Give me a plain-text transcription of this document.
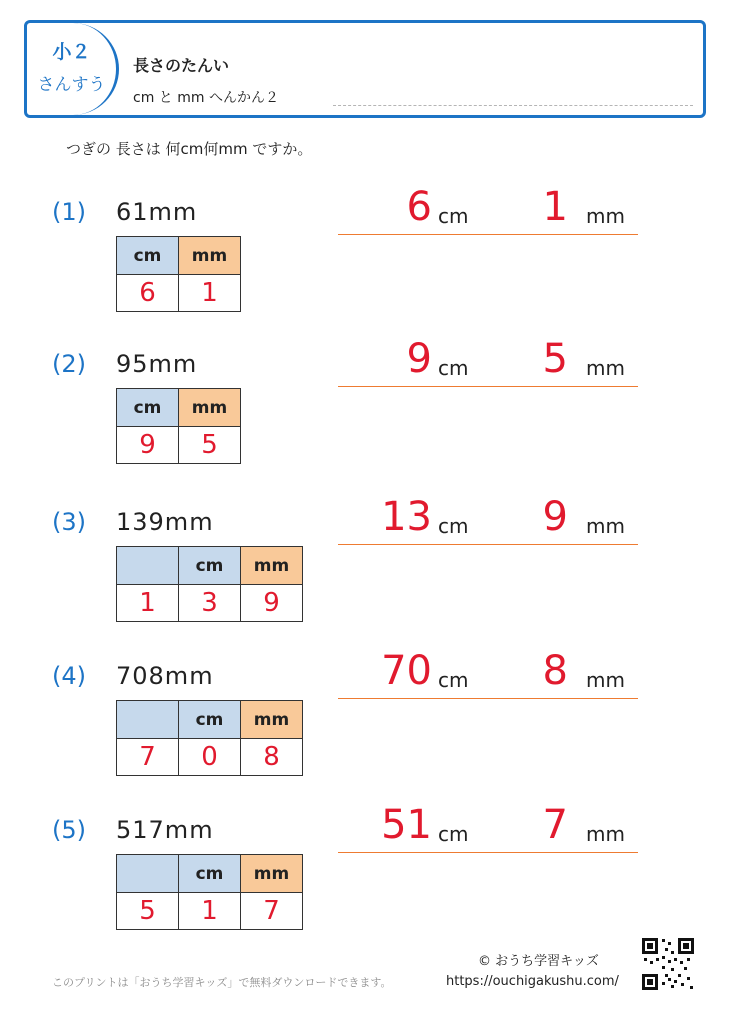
小２
さんすう
長さのたんい
cm と mm へんかん２
つぎの 長さは 何cm何mm ですか。
(1) 61mm	6 cm	1 mm
cm	mm
6	1
(2) 95mm	9 cm	5 mm
cm	mm
9	5
(3) 139mm	13 cm	9 mm
	cm	mm
1	3	9
(4) 708mm	70 cm	8 mm
	cm	mm
7	0	8
(5) 517mm	51 cm	7 mm
	cm	mm
5	1	7
© おうち学習キッズ
https://ouchigakushu.com/
このプリントは「おうち学習キッズ」で無料ダウンロードできます。
